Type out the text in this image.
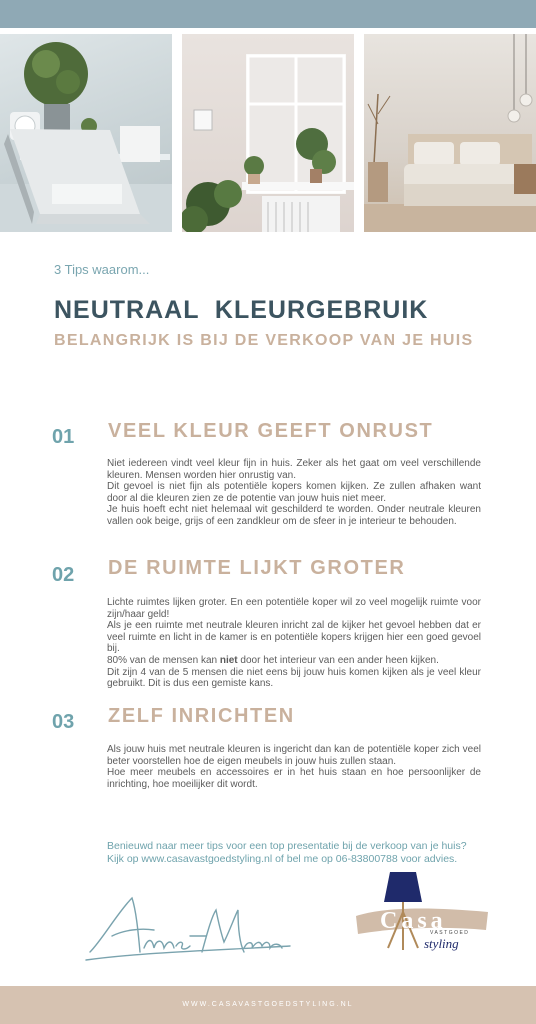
3 Tips waarom...
NEUTRAAL  KLEURGEBRUIK
BELANGRIJK IS BIJ DE VERKOOP VAN JE HUIS
01 VEEL KLEUR GEEFT ONRUST

Niet iedereen vindt veel kleur fijn in huis. Zeker als het gaat om veel verschillende kleuren. Mensen worden hier onrustig van.

Dit gevoel is niet fijn als potentiële kopers komen kijken. Ze zullen afhaken want door al die kleuren zien ze de potentie van jouw huis niet meer.

Je huis hoeft echt niet helemaal wit geschilderd te worden. Onder neutrale kleuren vallen ook beige, grijs of een zandkleur om de sfeer in je interieur te behouden.

02 DE RUIMTE LIJKT GROTER

Lichte ruimtes lijken groter. En een potentiële koper wil zo veel mogelijk ruimte voor zijn/haar geld!

Als je een ruimte met neutrale kleuren inricht zal de kijker het gevoel hebben dat er veel ruimte en licht in de kamer is en potentiële kopers krijgen hier een goed gevoel bij.

80% van de mensen kan niet door het interieur van een ander heen kijken.

Dit zijn 4 van de 5 mensen die niet eens bij jouw huis komen kijken als je veel kleur gebruikt. Dit is dus een gemiste kans.

03 ZELF INRICHTEN

Als jouw huis met neutrale kleuren is ingericht dan kan de potentiële koper zich veel beter voorstellen hoe de eigen meubels in jouw huis zullen staan.

Hoe meer meubels en accessoires er in het huis staan en hoe persoonlijker de inrichting, hoe moeilijker dit wordt.

Benieuwd naar meer tips voor een top presentatie bij de verkoop van je huis?
Kijk op www.casavastgoedstyling.nl of bel me op 06-83800788 voor advies.
Casa
VASTGOED
styling
WWW.CASAVASTGOEDSTYLING.NL
